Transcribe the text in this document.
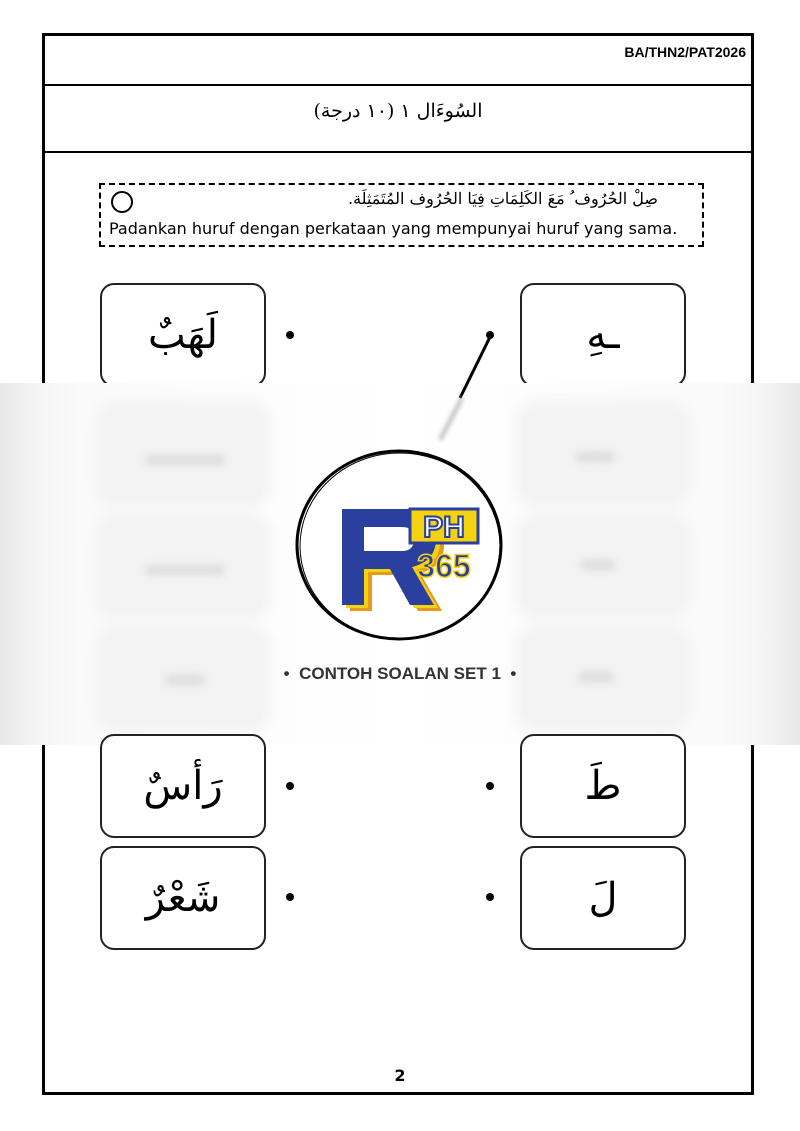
BA/THN2/PAT2026
السُوءَال ١ (١٠ درجة)
صِلْ الحُرُوف ُ مَعَ الكَلِمَاتِ فِيَا الحُرُوف المُتَمَثِلَة.
Padankan huruf dengan perkataan yang mempunyai huruf yang sama.
لَهَبٌ	ـهِ
PH
365
•  CONTOH SOALAN SET 1  •
رَأسٌ	طَ
شَعْرٌ	لَ
2
